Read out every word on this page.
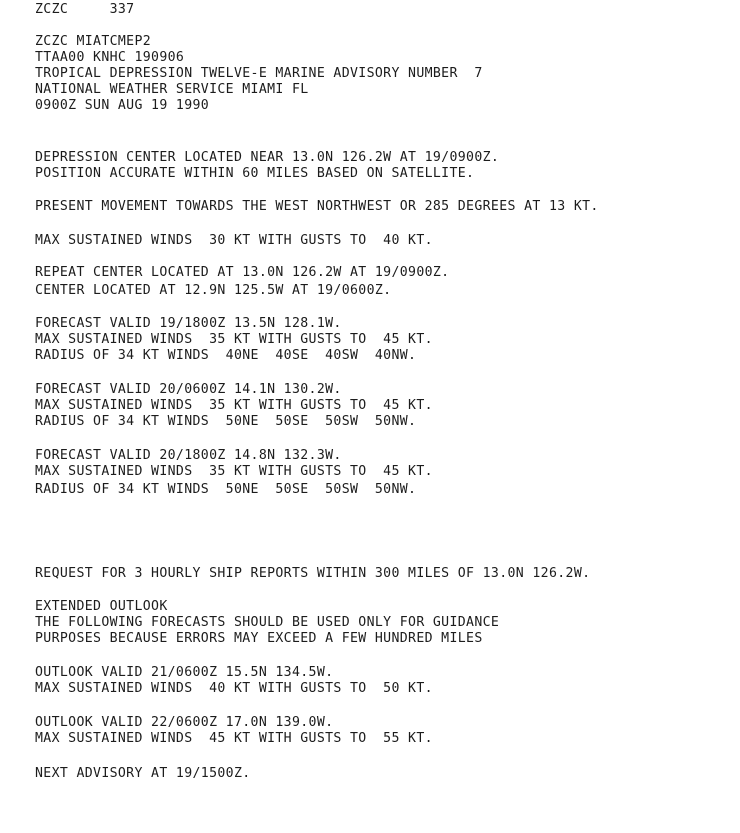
ZCZC     337

ZCZC MIATCMEP2

TTAA00 KNHC 190906

TROPICAL DEPRESSION TWELVE-E MARINE ADVISORY NUMBER  7

NATIONAL WEATHER SERVICE MIAMI FL

0900Z SUN AUG 19 1990

DEPRESSION CENTER LOCATED NEAR 13.0N 126.2W AT 19/0900Z.

POSITION ACCURATE WITHIN 60 MILES BASED ON SATELLITE.

PRESENT MOVEMENT TOWARDS THE WEST NORTHWEST OR 285 DEGREES AT 13 KT.

MAX SUSTAINED WINDS  30 KT WITH GUSTS TO  40 KT.

REPEAT CENTER LOCATED AT 13.0N 126.2W AT 19/0900Z.

CENTER LOCATED AT 12.9N 125.5W AT 19/0600Z.

FORECAST VALID 19/1800Z 13.5N 128.1W.

MAX SUSTAINED WINDS  35 KT WITH GUSTS TO  45 KT.

RADIUS OF 34 KT WINDS  40NE  40SE  40SW  40NW.

FORECAST VALID 20/0600Z 14.1N 130.2W.

MAX SUSTAINED WINDS  35 KT WITH GUSTS TO  45 KT.

RADIUS OF 34 KT WINDS  50NE  50SE  50SW  50NW.

FORECAST VALID 20/1800Z 14.8N 132.3W.

MAX SUSTAINED WINDS  35 KT WITH GUSTS TO  45 KT.

RADIUS OF 34 KT WINDS  50NE  50SE  50SW  50NW.

REQUEST FOR 3 HOURLY SHIP REPORTS WITHIN 300 MILES OF 13.0N 126.2W.

EXTENDED OUTLOOK

THE FOLLOWING FORECASTS SHOULD BE USED ONLY FOR GUIDANCE

PURPOSES BECAUSE ERRORS MAY EXCEED A FEW HUNDRED MILES

OUTLOOK VALID 21/0600Z 15.5N 134.5W.

MAX SUSTAINED WINDS  40 KT WITH GUSTS TO  50 KT.

OUTLOOK VALID 22/0600Z 17.0N 139.0W.

MAX SUSTAINED WINDS  45 KT WITH GUSTS TO  55 KT.

NEXT ADVISORY AT 19/1500Z.
